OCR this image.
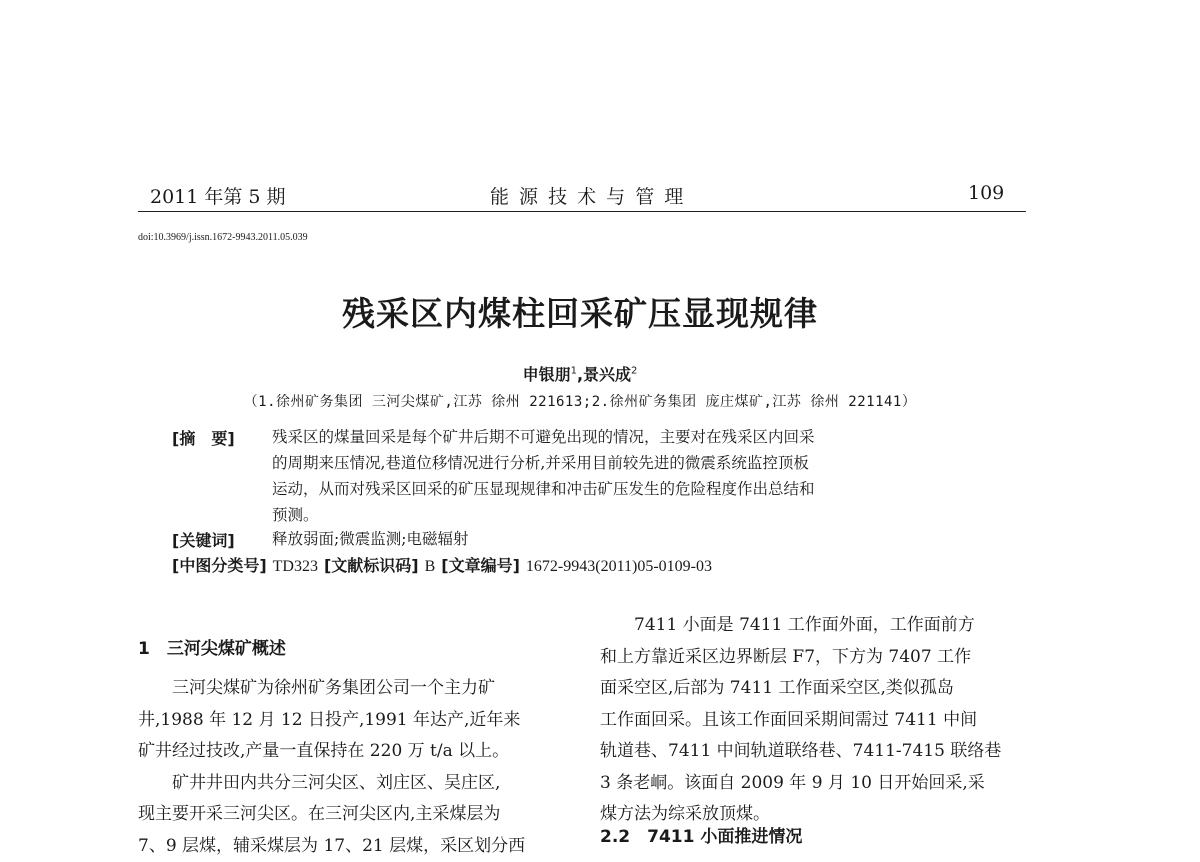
2011 年第 5 期	能 源 技 术 与 管 理	109
doi:10.3969/j.issn.1672-9943.2011.05.039
残采区内煤柱回采矿压显现规律
申银朋$^1$,景兴成$^2$
（1.徐州矿务集团 三河尖煤矿,江苏 徐州 221613;2.徐州矿务集团 庞庄煤矿,江苏 徐州 221141）
[摘　要] 残采区的煤量回采是每个矿井后期不可避免出现的情况，主要对在残采区内回采
的周期来压情况,巷道位移情况进行分析,并采用目前较先进的微震系统监控顶板
运动，从而对残采区回采的矿压显现规律和冲击矿压发生的危险程度作出总结和
预测。
[关键词] 释放弱面;微震监测;电磁辐射
[中图分类号] TD323 [文献标识码] B [文章编号] 1672-9943(2011)05-0109-03
1　三河尖煤矿概述
　　三河尖煤矿为徐州矿务集团公司一个主力矿
井,1988 年 12 月 12 日投产,1991 年达产,近年来
矿井经过技改,产量一直保持在 220 万 t/a 以上。
　　矿井井田内共分三河尖区、刘庄区、吴庄区,
现主要开采三河尖区。在三河尖区内,主采煤层为
7、9 层煤，辅采煤层为 17、21 层煤，采区划分西
　　7411 小面是 7411 工作面外面，工作面前方
和上方靠近采区边界断层 F7，下方为 7407 工作
面采空区,后部为 7411 工作面采空区,类似孤岛
工作面回采。且该工作面回采期间需过 7411 中间
轨道巷、7411 中间轨道联络巷、7411-7415 联络巷
3 条老峒。该面自 2009 年 9 月 10 日开始回采,采
煤方法为综采放顶煤。
2.2　7411 小面推进情况
